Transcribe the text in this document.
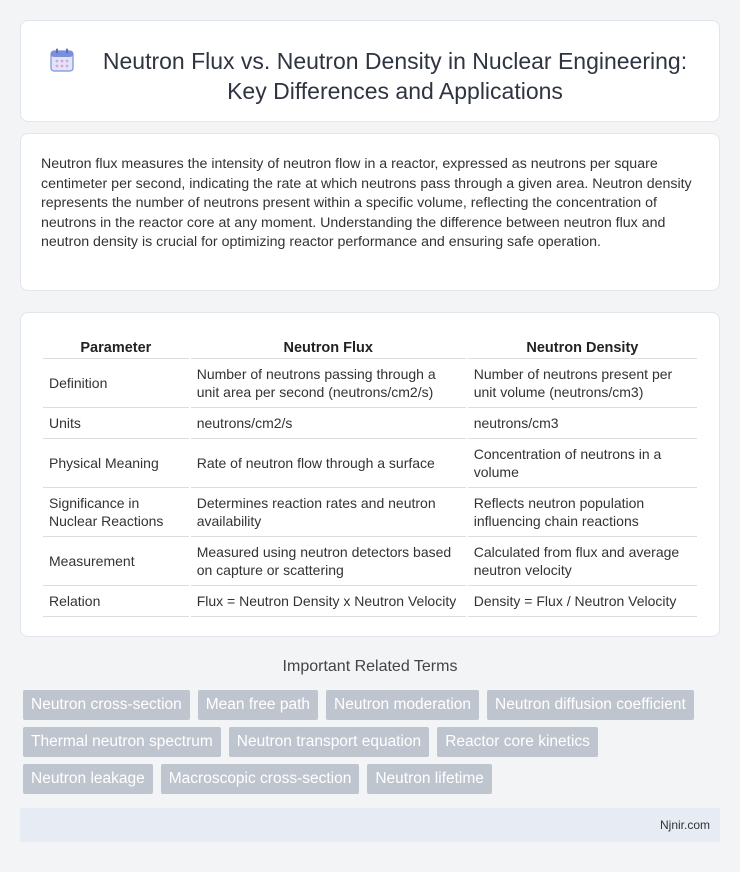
Neutron Flux vs. Neutron Density in Nuclear Engineering: Key Differences and Applications

Neutron flux measures the intensity of neutron flow in a reactor, expressed as neutrons per square centimeter per second, indicating the rate at which neutrons pass through a given area. Neutron density represents the number of neutrons present within a specific volume, reflecting the concentration of neutrons in the reactor core at any moment. Understanding the difference between neutron flux and neutron density is crucial for optimizing reactor performance and ensuring safe operation.

Parameter	Neutron Flux	Neutron Density
Definition	Number of neutrons passing through a unit area per second (neutrons/cm2/s)	Number of neutrons present per unit volume (neutrons/cm3)
Units	neutrons/cm2/s	neutrons/cm3
Physical Meaning	Rate of neutron flow through a surface	Concentration of neutrons in a volume
Significance in Nuclear Reactions	Determines reaction rates and neutron availability	Reflects neutron population influencing chain reactions
Measurement	Measured using neutron detectors based on capture or scattering	Calculated from flux and average neutron velocity
Relation	Flux = Neutron Density x Neutron Velocity	Density = Flux / Neutron Velocity
Important Related Terms
Neutron cross-section	Mean free path	Neutron moderation	Neutron diffusion coefficient
Thermal neutron spectrum	Neutron transport equation	Reactor core kinetics
Neutron leakage	Macroscopic cross-section	Neutron lifetime
Njnir.com
